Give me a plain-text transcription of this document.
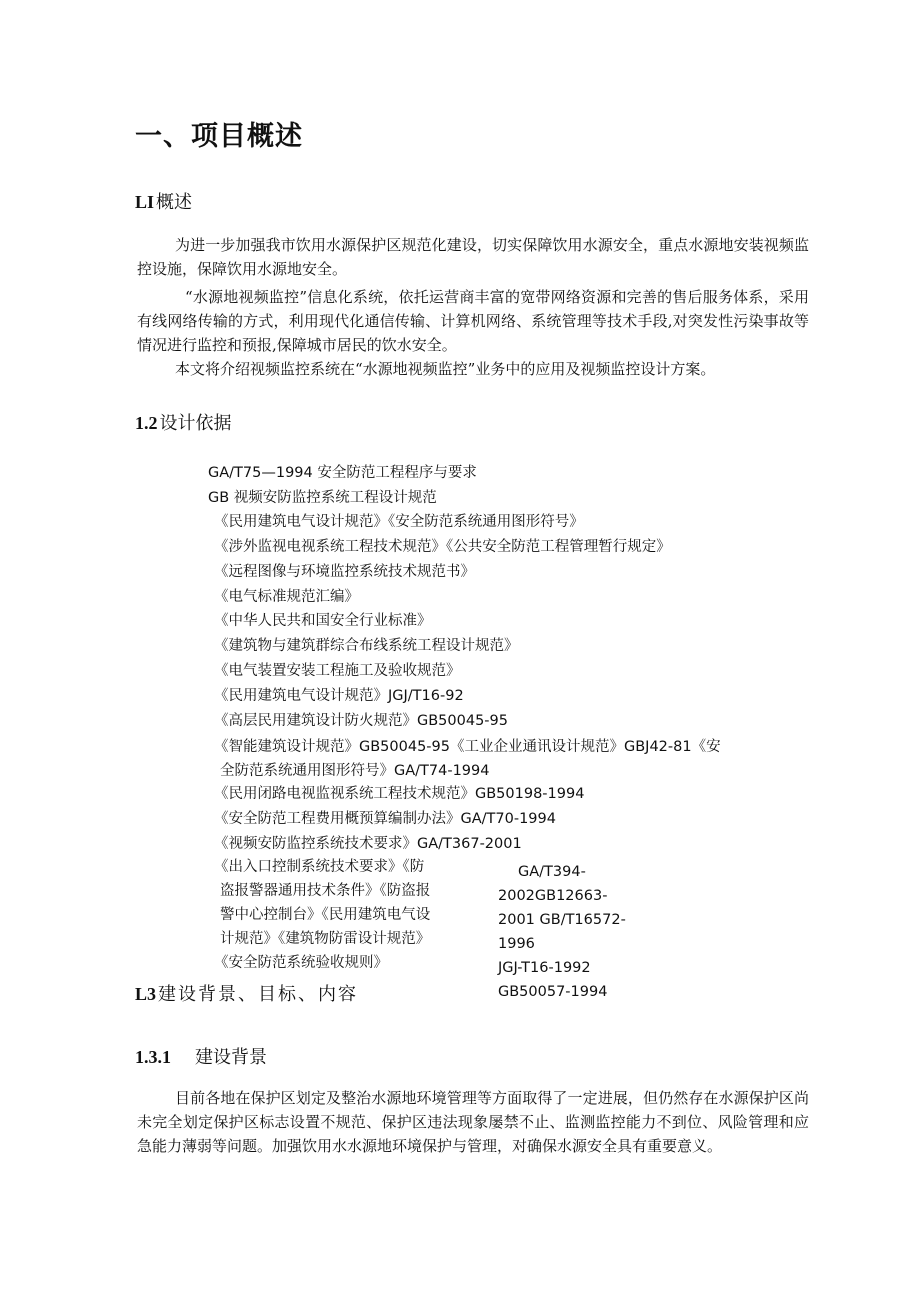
一、项目概述
LI 概述
为进一步加强我市饮用水源保护区规范化建设，切实保障饮用水源安全，重点水源地安装视频监控设施，保障饮用水源地安全。
“水源地视频监控”信息化系统，依托运营商丰富的宽带网络资源和完善的售后服务体系，采用有线网络传输的方式，利用现代化通信传输、计算机网络、系统管理等技术手段,对突发性污染事故等情况进行监控和预报,保障城市居民的饮水安全。
本文将介绍视频监控系统在“水源地视频监控”业务中的应用及视频监控设计方案。
1.2 设计依据
GA/T75—1994 安全防范工程程序与要求
GB 视频安防监控系统工程设计规范
《民用建筑电气设计规范》《安全防范系统通用图形符号》
《涉外监视电视系统工程技术规范》《公共安全防范工程管理暂行规定》
《远程图像与环境监控系统技术规范书》
《电气标准规范汇编》
《中华人民共和国安全行业标准》
《建筑物与建筑群综合布线系统工程设计规范》
《电气装置安装工程施工及验收规范》
《民用建筑电气设计规范》JGJ/T16-92
《高层民用建筑设计防火规范》GB50045-95
《智能建筑设计规范》GB50045-95《工业企业通讯设计规范》GBJ42-81《安
全防范系统通用图形符号》GA/T74-1994
《民用闭路电视监视系统工程技术规范》GB50198-1994
《安全防范工程费用概预算编制办法》GA/T70-1994
《视频安防监控系统技术要求》GA/T367-2001
《出入口控制系统技术要求》《防
盗报警器通用技术条件》《防盗报
警中心控制台》《民用建筑电气设
计规范》《建筑物防雷设计规范》
《安全防范系统验收规则》
GA/T394-
2002GB12663-
2001 GB/T16572-
1996
JGJ-T16-1992
GB50057-1994
L3 建设背景、目标、内容
1.3.1 建设背景
目前各地在保护区划定及整治水源地环境管理等方面取得了一定进展，但仍然存在水源保护区尚未完全划定保护区标志设置不规范、保护区违法现象屡禁不止、监测监控能力不到位、风险管理和应急能力薄弱等问题。加强饮用水水源地环境保护与管理，对确保水源安全具有重要意义。
